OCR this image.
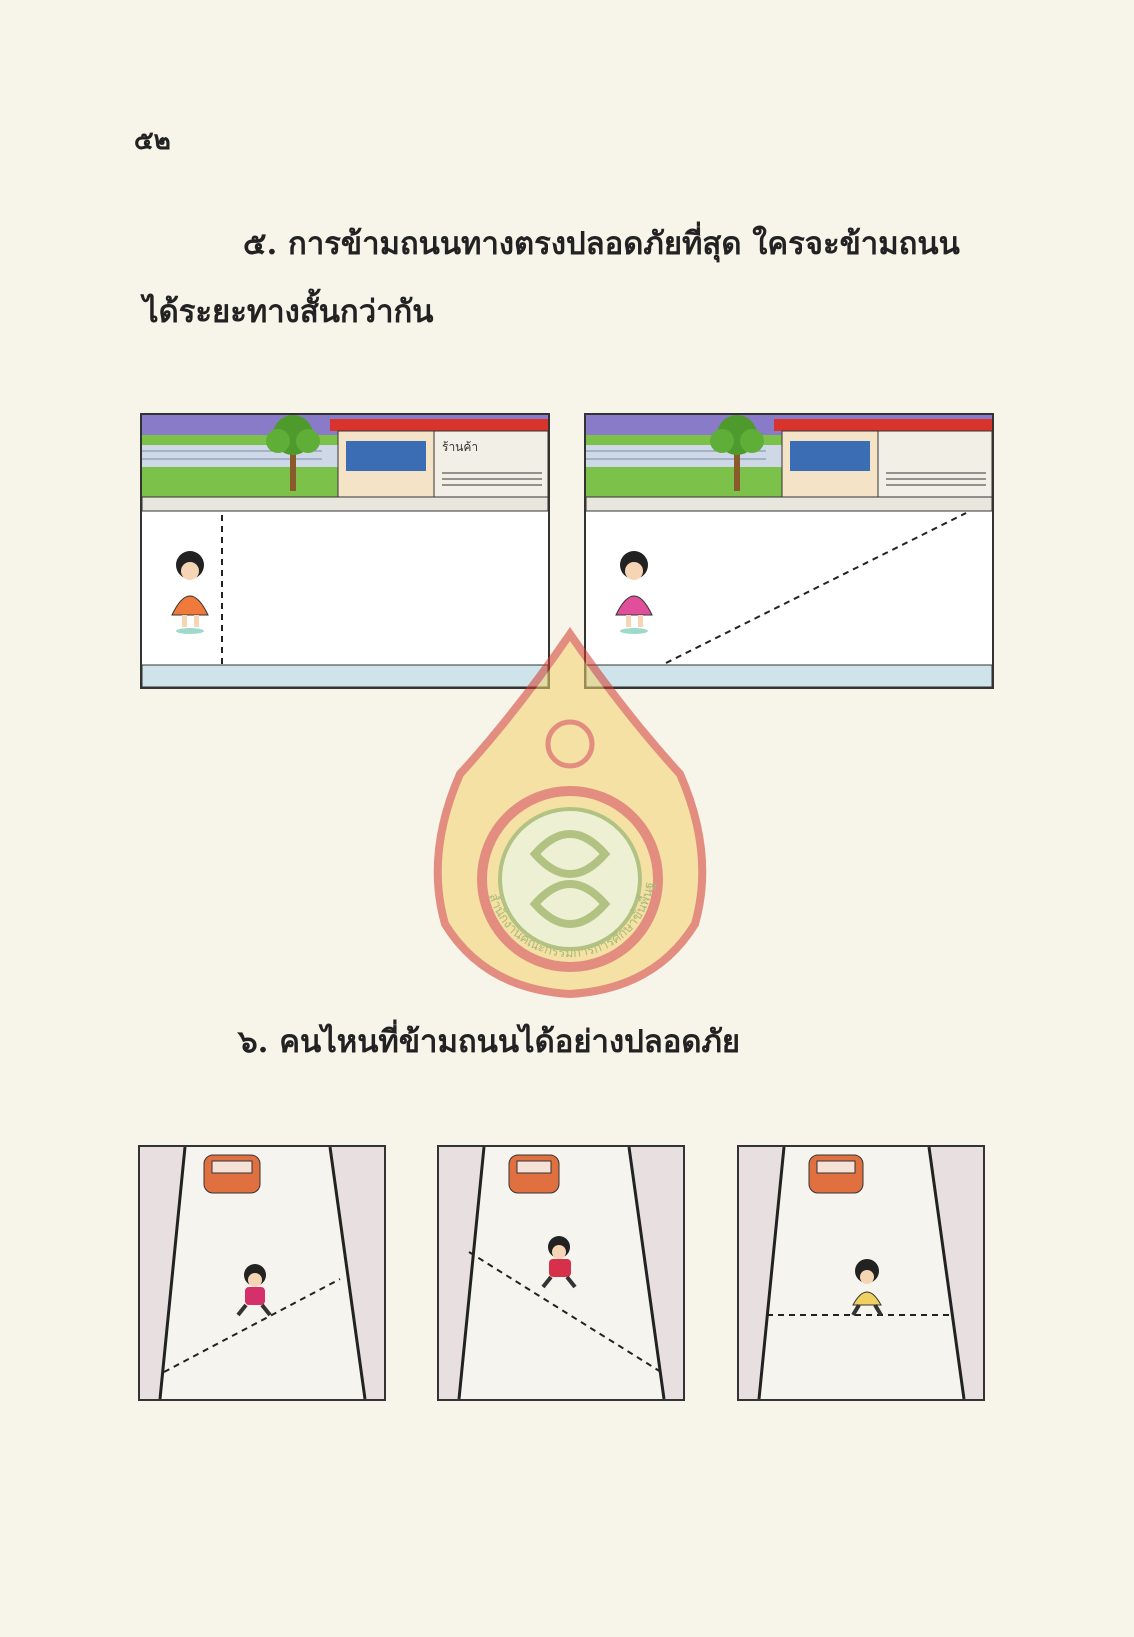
๕๒
๕. การข้ามถนนทางตรงปลอดภัยที่สุด ใครจะข้ามถนน
ได้ระยะทางสั้นกว่ากัน
ร้านค้า
สำนักงานคณะกรรมการการศึกษาขั้นพื้นฐ
๖. คนไหนที่ข้ามถนนได้อย่างปลอดภัย
